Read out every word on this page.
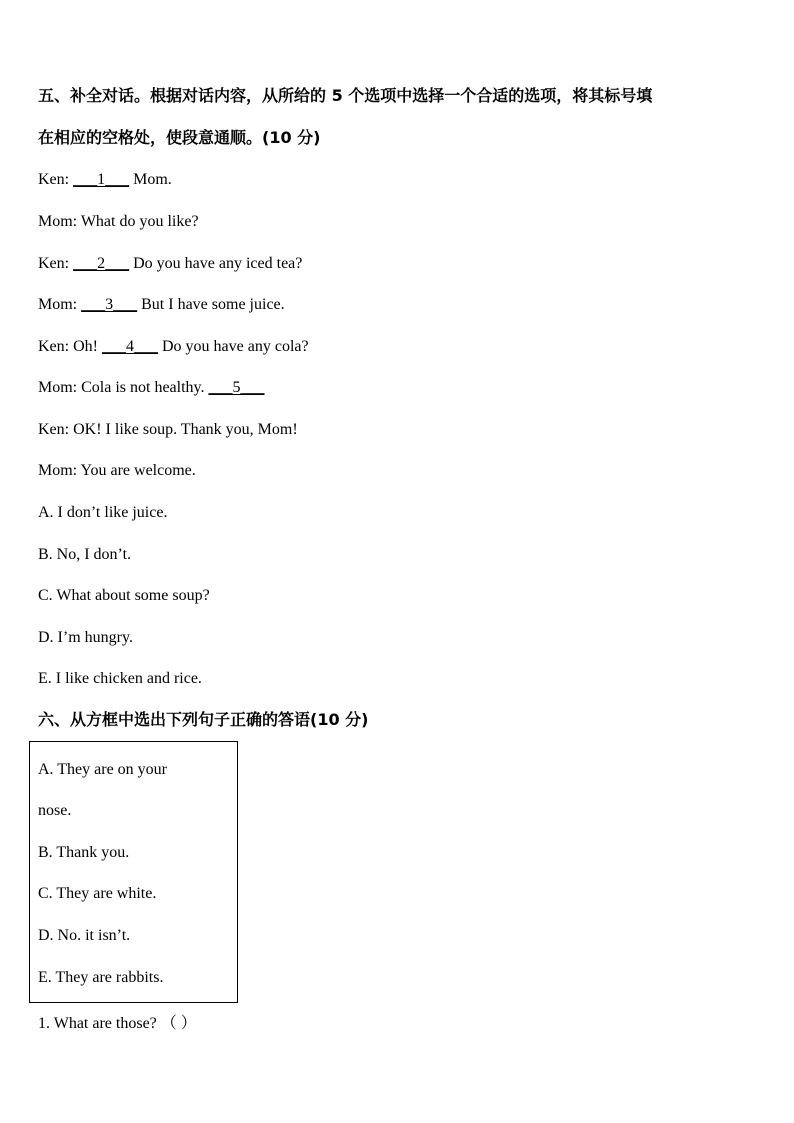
五、补全对话。根据对话内容，从所给的 5 个选项中选择一个合适的选项，将其标号填
在相应的空格处，使段意通顺。(10 分)
Ken: ___1___ Mom.
Mom: What do you like?
Ken: ___2___ Do you have any iced tea?
Mom: ___3___ But I have some juice.
Ken: Oh! ___4___ Do you have any cola?
Mom: Cola is not healthy. ___5___
Ken: OK! I like soup. Thank you, Mom!
Mom: You are welcome.
A. I don’t like juice.
B. No, I don’t.
C. What about some soup?
D. I’m hungry.
E. I like chicken and rice.
六、从方框中选出下列句子正确的答语(10 分)
A. They are on your
nose.
B. Thank you.
C. They are white.
D. No. it isn’t.
E. They are rabbits.
1. What are those? （ ）
